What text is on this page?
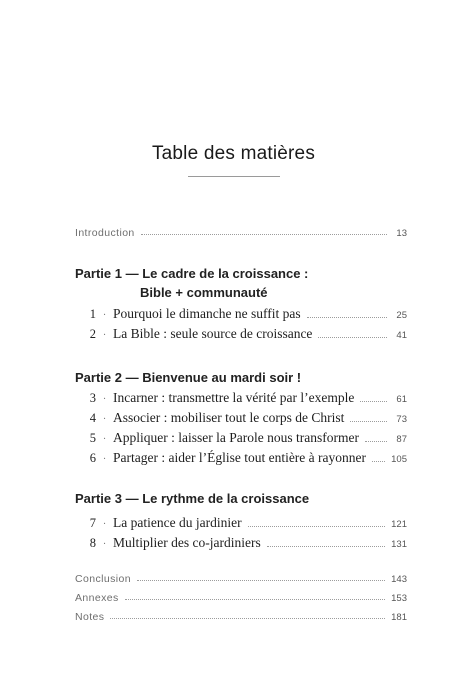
Table des matières
Introduction	13
Partie 1 — Le cadre de la croissance :
Bible + communauté
1 · Pourquoi le dimanche ne suffit pas	25
2 · La Bible : seule source de croissance	41
Partie 2 — Bienvenue au mardi soir !
3 · Incarner : transmettre la vérité par l’exemple	61
4 · Associer : mobiliser tout le corps de Christ	73
5 · Appliquer : laisser la Parole nous transformer	87
6 · Partager : aider l’Église tout entière à rayonner	105
Partie 3 — Le rythme de la croissance
7 · La patience du jardinier	121
8 · Multiplier des co-jardiniers	131
Conclusion	143
Annexes	153
Notes	181
